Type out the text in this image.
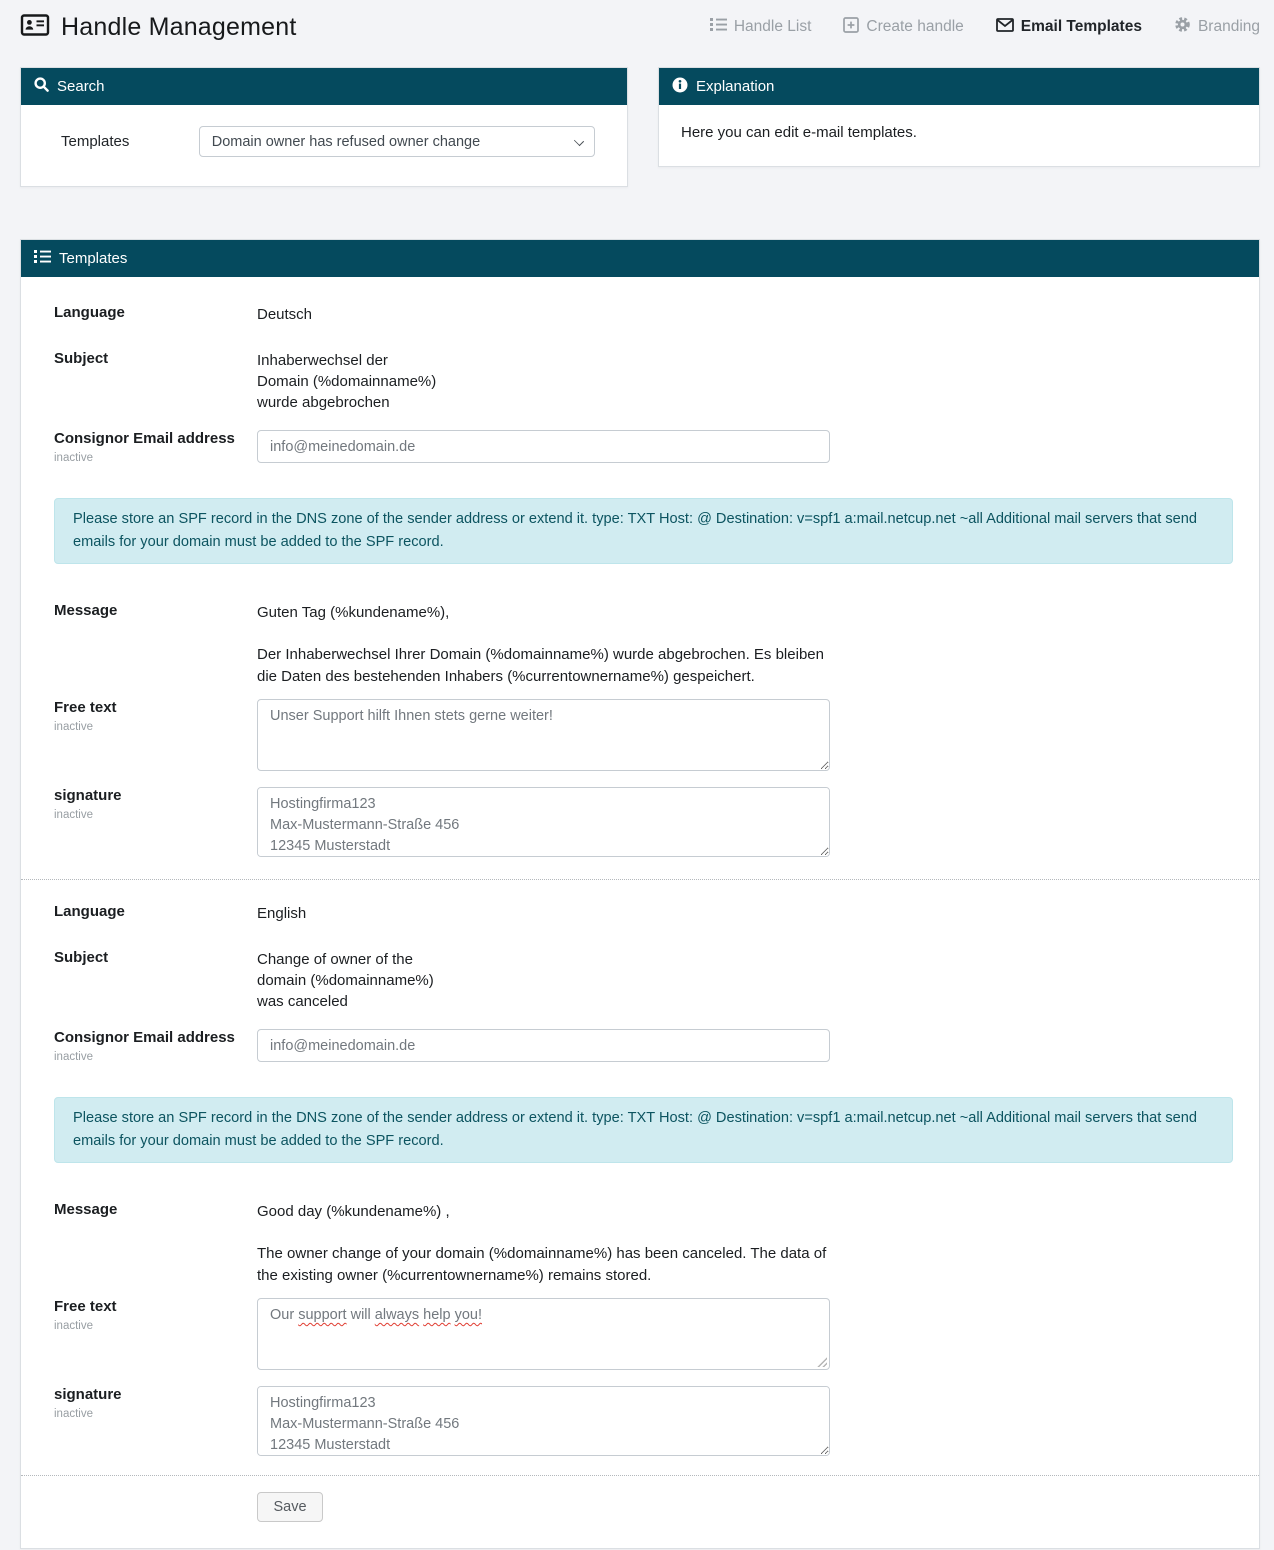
Handle Management	Handle List	Create handle	Email Templates	Branding
Search
Templates	Domain owner has refused owner change
Explanation
Here you can edit e-mail templates.
Templates
Language	Deutsch
Subject	Inhaberwechsel der
Domain (%domainname%)
wurde abgebrochen
Consignor Email address
inactive
info@meinedomain.de
Please store an SPF record in the DNS zone of the sender address or extend it. type: TXT Host: @ Destination: v=spf1 a:mail.netcup.net ~all Additional mail servers that send emails for your domain must be added to the SPF record.
Message	Guten Tag (%kundename%),
Der Inhaberwechsel Ihrer Domain (%domainname%) wurde abgebrochen. Es bleiben die Daten des bestehenden Inhabers (%currentownername%) gespeichert.
Free text
inactive
Unser Support hilft Ihnen stets gerne weiter!
signature
inactive
Hostingfirma123 Max-Mustermann-Straße 456 12345 Musterstadt
Language	English
Subject	Change of owner of the
domain (%domainname%)
was canceled
Consignor Email address
inactive
info@meinedomain.de
Please store an SPF record in the DNS zone of the sender address or extend it. type: TXT Host: @ Destination: v=spf1 a:mail.netcup.net ~all Additional mail servers that send emails for your domain must be added to the SPF record.
Message	Good day (%kundename%) ,
The owner change of your domain (%domainname%) has been canceled. The data of the existing owner (%currentownername%) remains stored.
Free text
inactive
Our support will always help you!
signature
inactive
Hostingfirma123 Max-Mustermann-Straße 456 12345 Musterstadt
Save
